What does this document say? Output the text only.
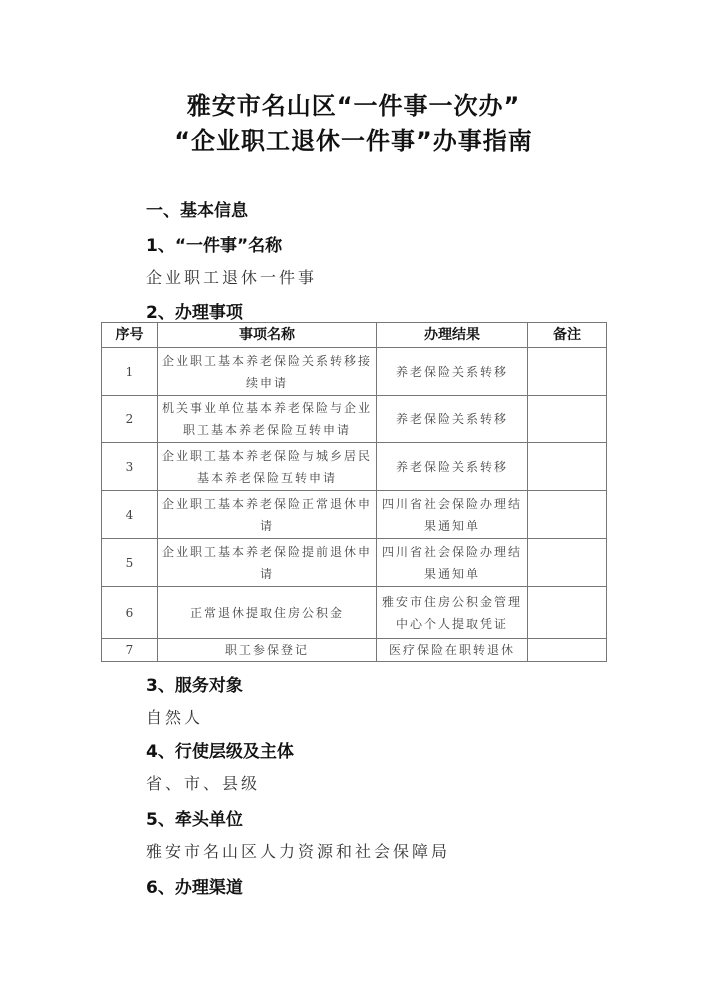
雅安市名山区“一件事一次办”
“企业职工退休一件事”办事指南
一、基本信息
1、“一件事”名称
企业职工退休一件事
2、办理事项
序号	事项名称	办理结果	备注
1	企业职工基本养老保险关系转移接续申请	养老保险关系转移	
2	机关事业单位基本养老保险与企业职工基本养老保险互转申请	养老保险关系转移	
3	企业职工基本养老保险与城乡居民基本养老保险互转申请	养老保险关系转移	
4	企业职工基本养老保险正常退休申请	四川省社会保险办理结果通知单	
5	企业职工基本养老保险提前退休申请	四川省社会保险办理结果通知单	
6	正常退休提取住房公积金	雅安市住房公积金管理中心个人提取凭证	
7	职工参保登记	医疗保险在职转退休	
3、服务对象
自然人
4、行使层级及主体
省、市、县级
5、牵头单位
雅安市名山区人力资源和社会保障局
6、办理渠道
